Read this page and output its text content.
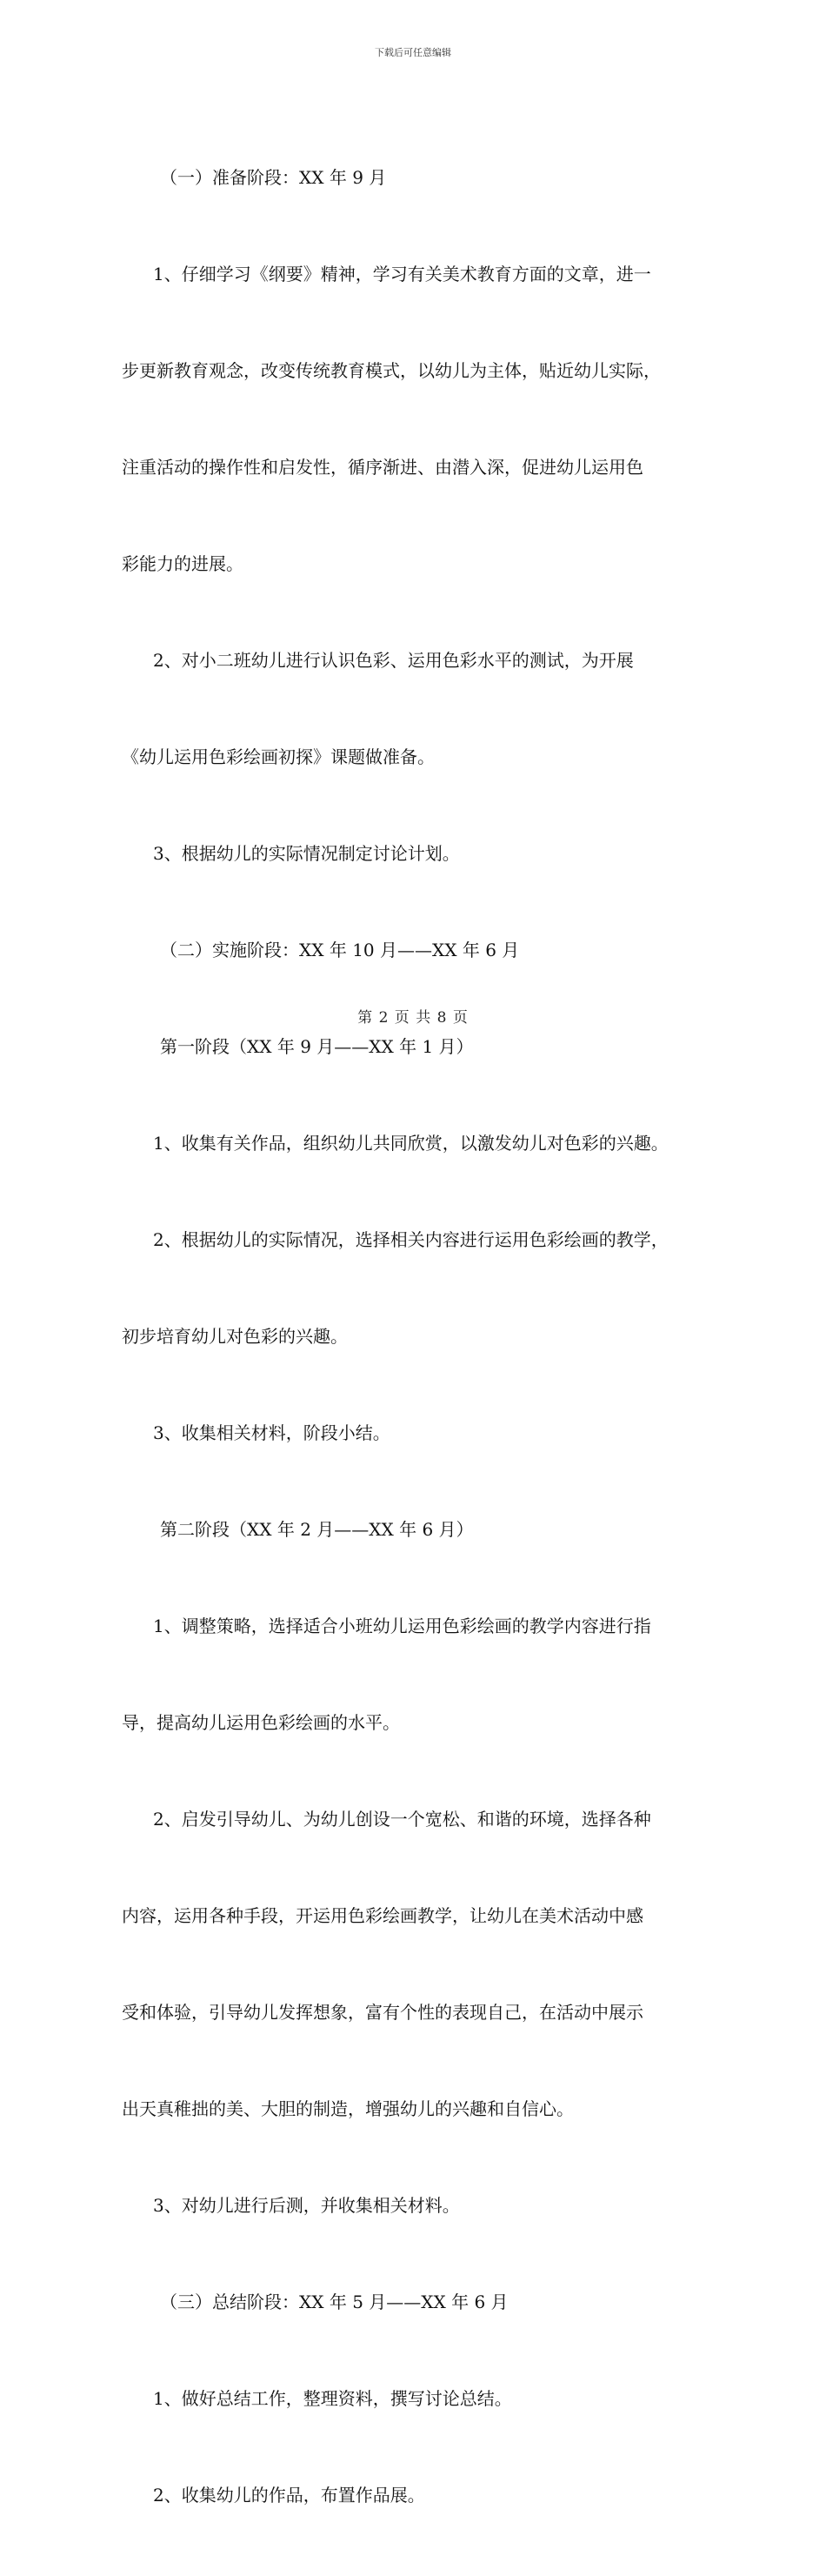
下载后可任意编辑

（一）准备阶段：XX 年 9 月

1、仔细学习《纲要》精神，学习有关美术教育方面的文章，进一

步更新教育观念，改变传统教育模式，以幼儿为主体，贴近幼儿实际，

注重活动的操作性和启发性，循序渐进、由潜入深，促进幼儿运用色

彩能力的进展。

2、对小二班幼儿进行认识色彩、运用色彩水平的测试，为开展

《幼儿运用色彩绘画初探》课题做准备。

3、根据幼儿的实际情况制定讨论计划。

（二）实施阶段：XX 年 10 月——XX 年 6 月

第一阶段（XX 年 9 月——XX 年 1 月）

1、收集有关作品，组织幼儿共同欣赏，以激发幼儿对色彩的兴趣。

2、根据幼儿的实际情况，选择相关内容进行运用色彩绘画的教学，

初步培育幼儿对色彩的兴趣。

3、收集相关材料，阶段小结。

第二阶段（XX 年 2 月——XX 年 6 月）

1、调整策略，选择适合小班幼儿运用色彩绘画的教学内容进行指

导，提高幼儿运用色彩绘画的水平。

2、启发引导幼儿、为幼儿创设一个宽松、和谐的环境，选择各种

内容，运用各种手段，开运用色彩绘画教学，让幼儿在美术活动中感

受和体验，引导幼儿发挥想象，富有个性的表现自己，在活动中展示

出天真稚拙的美、大胆的制造，增强幼儿的兴趣和自信心。

3、对幼儿进行后测，并收集相关材料。

（三）总结阶段：XX 年 5 月——XX 年 6 月

1、做好总结工作，整理资料，撰写讨论总结。

2、收集幼儿的作品，布置作品展。

第 2 页 共 8 页
